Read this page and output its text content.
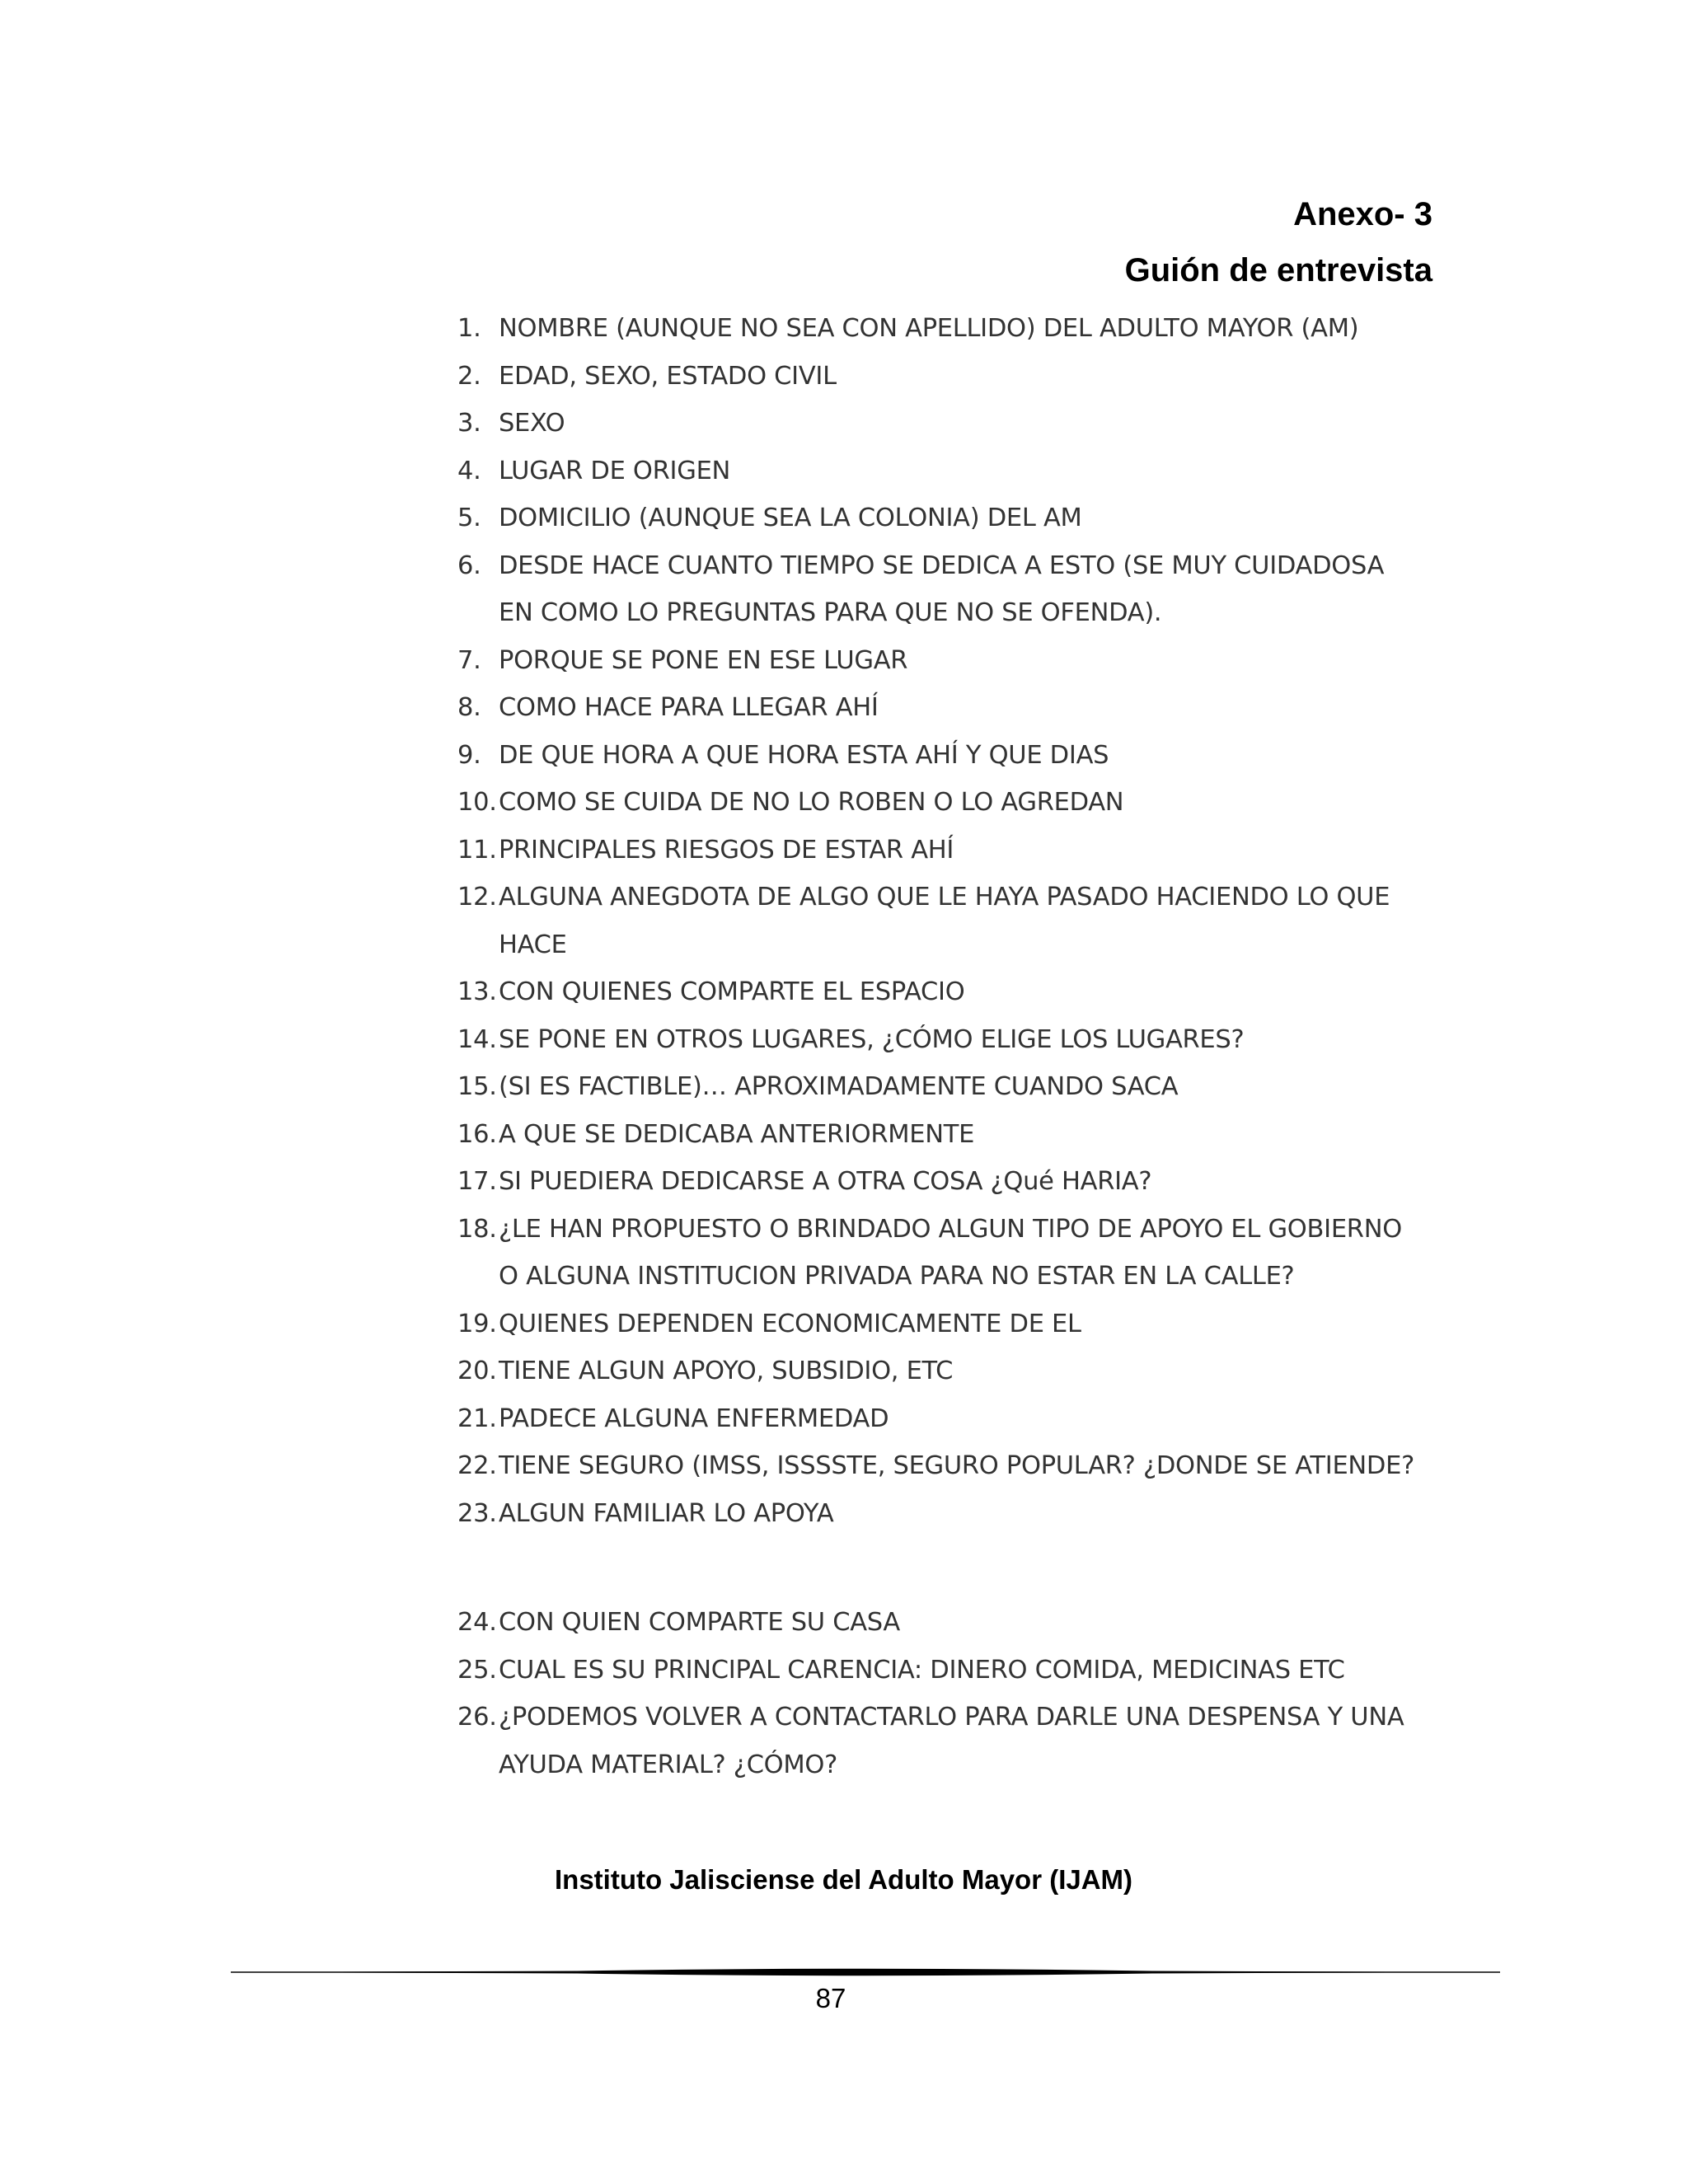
Anexo- 3
Guión de entrevista
1. NOMBRE (AUNQUE NO SEA CON APELLIDO) DEL ADULTO MAYOR (AM)
2. EDAD, SEXO, ESTADO CIVIL
3. SEXO
4. LUGAR DE ORIGEN
5. DOMICILIO (AUNQUE SEA LA COLONIA) DEL AM
6. DESDE HACE CUANTO TIEMPO SE DEDICA A ESTO (SE MUY CUIDADOSA EN COMO LO PREGUNTAS PARA QUE NO SE OFENDA).
7. PORQUE SE PONE EN ESE LUGAR
8. COMO HACE PARA LLEGAR AHÍ
9. DE QUE HORA A QUE HORA ESTA AHÍ Y QUE DIAS
10. COMO SE CUIDA DE NO LO ROBEN O LO AGREDAN
11. PRINCIPALES RIESGOS DE ESTAR AHÍ
12. ALGUNA ANEGDOTA DE ALGO QUE LE HAYA PASADO HACIENDO LO QUE HACE
13. CON QUIENES COMPARTE EL ESPACIO
14. SE PONE EN OTROS LUGARES, ¿CÓMO ELIGE LOS LUGARES?
15. (SI ES FACTIBLE)… APROXIMADAMENTE CUANDO SACA
16. A QUE SE DEDICABA ANTERIORMENTE
17. SI PUEDIERA DEDICARSE A OTRA COSA ¿Qué HARIA?
18. ¿LE HAN PROPUESTO O BRINDADO ALGUN TIPO DE APOYO EL GOBIERNO O ALGUNA INSTITUCION PRIVADA PARA NO ESTAR EN LA CALLE?
19. QUIENES DEPENDEN ECONOMICAMENTE DE EL
20. TIENE ALGUN APOYO, SUBSIDIO, ETC
21. PADECE ALGUNA ENFERMEDAD
22. TIENE SEGURO (IMSS, ISSSSTE, SEGURO POPULAR? ¿DONDE SE ATIENDE?
23. ALGUN FAMILIAR LO APOYA
24. CON QUIEN COMPARTE SU CASA
25. CUAL ES SU PRINCIPAL CARENCIA: DINERO COMIDA, MEDICINAS ETC
26. ¿PODEMOS VOLVER A CONTACTARLO PARA DARLE UNA DESPENSA Y UNA AYUDA MATERIAL? ¿CÓMO?
Instituto Jalisciense del Adulto Mayor (IJAM)
87
